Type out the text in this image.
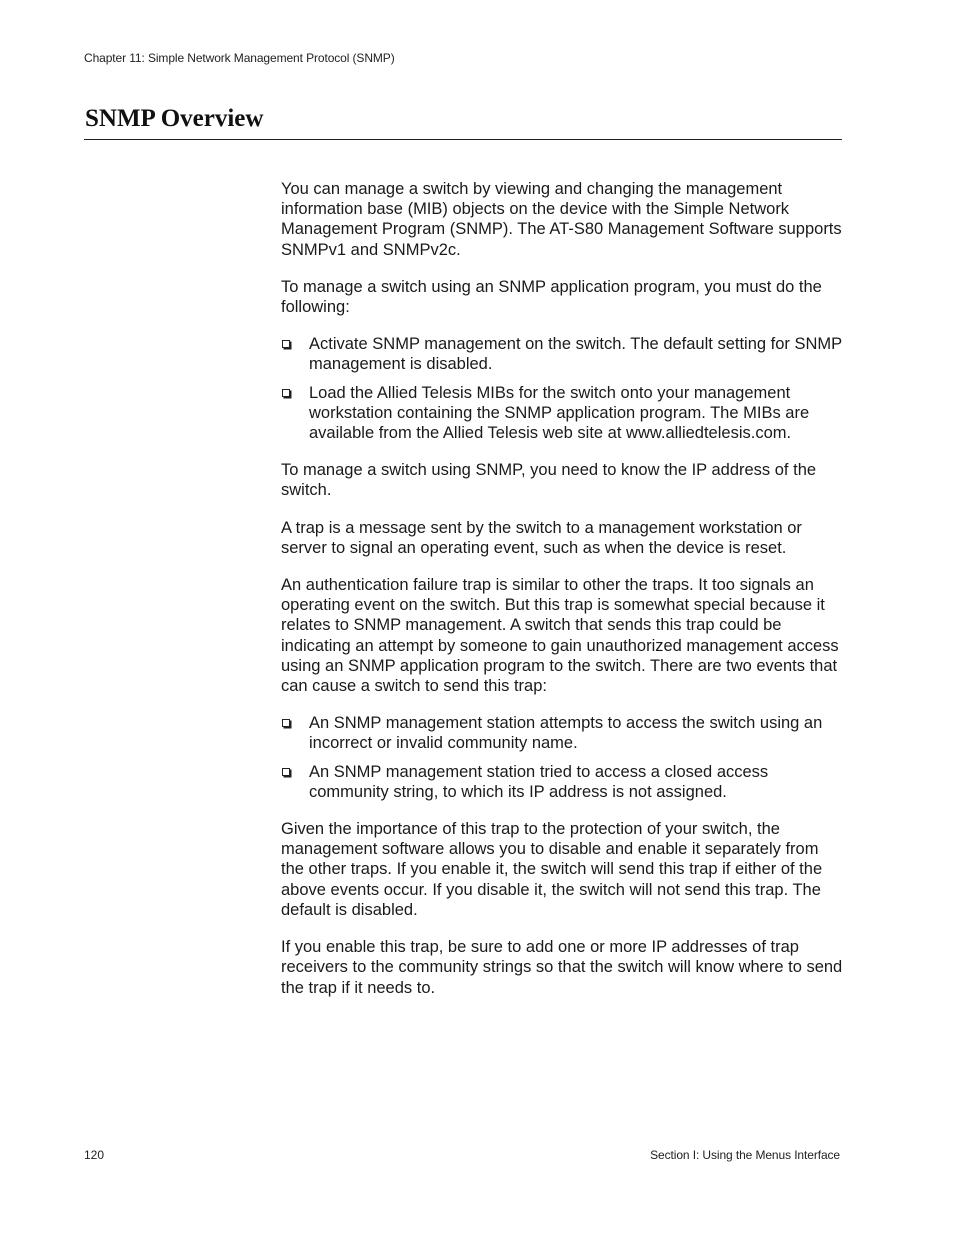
Chapter 11: Simple Network Management Protocol (SNMP)
SNMP Overview

You can manage a switch by viewing and changing the management information base (MIB) objects on the device with the Simple Network Management Program (SNMP). The AT-S80 Management Software supports SNMPv1 and SNMPv2c.

To manage a switch using an SNMP application program, you must do the following:

Activate SNMP management on the switch. The default setting for SNMP management is disabled.
Load the Allied Telesis MIBs for the switch onto your management workstation containing the SNMP application program. The MIBs are available from the Allied Telesis web site at www.alliedtelesis.com.

To manage a switch using SNMP, you need to know the IP address of the switch.

A trap is a message sent by the switch to a management workstation or server to signal an operating event, such as when the device is reset.

An authentication failure trap is similar to other the traps. It too signals an operating event on the switch. But this trap is somewhat special because it relates to SNMP management. A switch that sends this trap could be indicating an attempt by someone to gain unauthorized management access using an SNMP application program to the switch. There are two events that can cause a switch to send this trap:

An SNMP management station attempts to access the switch using an incorrect or invalid community name.
An SNMP management station tried to access a closed access community string, to which its IP address is not assigned.

Given the importance of this trap to the protection of your switch, the management software allows you to disable and enable it separately from the other traps. If you enable it, the switch will send this trap if either of the above events occur. If you disable it, the switch will not send this trap. The default is disabled.

If you enable this trap, be sure to add one or more IP addresses of trap receivers to the community strings so that the switch will know where to send the trap if it needs to.

120	Section I: Using the Menus Interface
